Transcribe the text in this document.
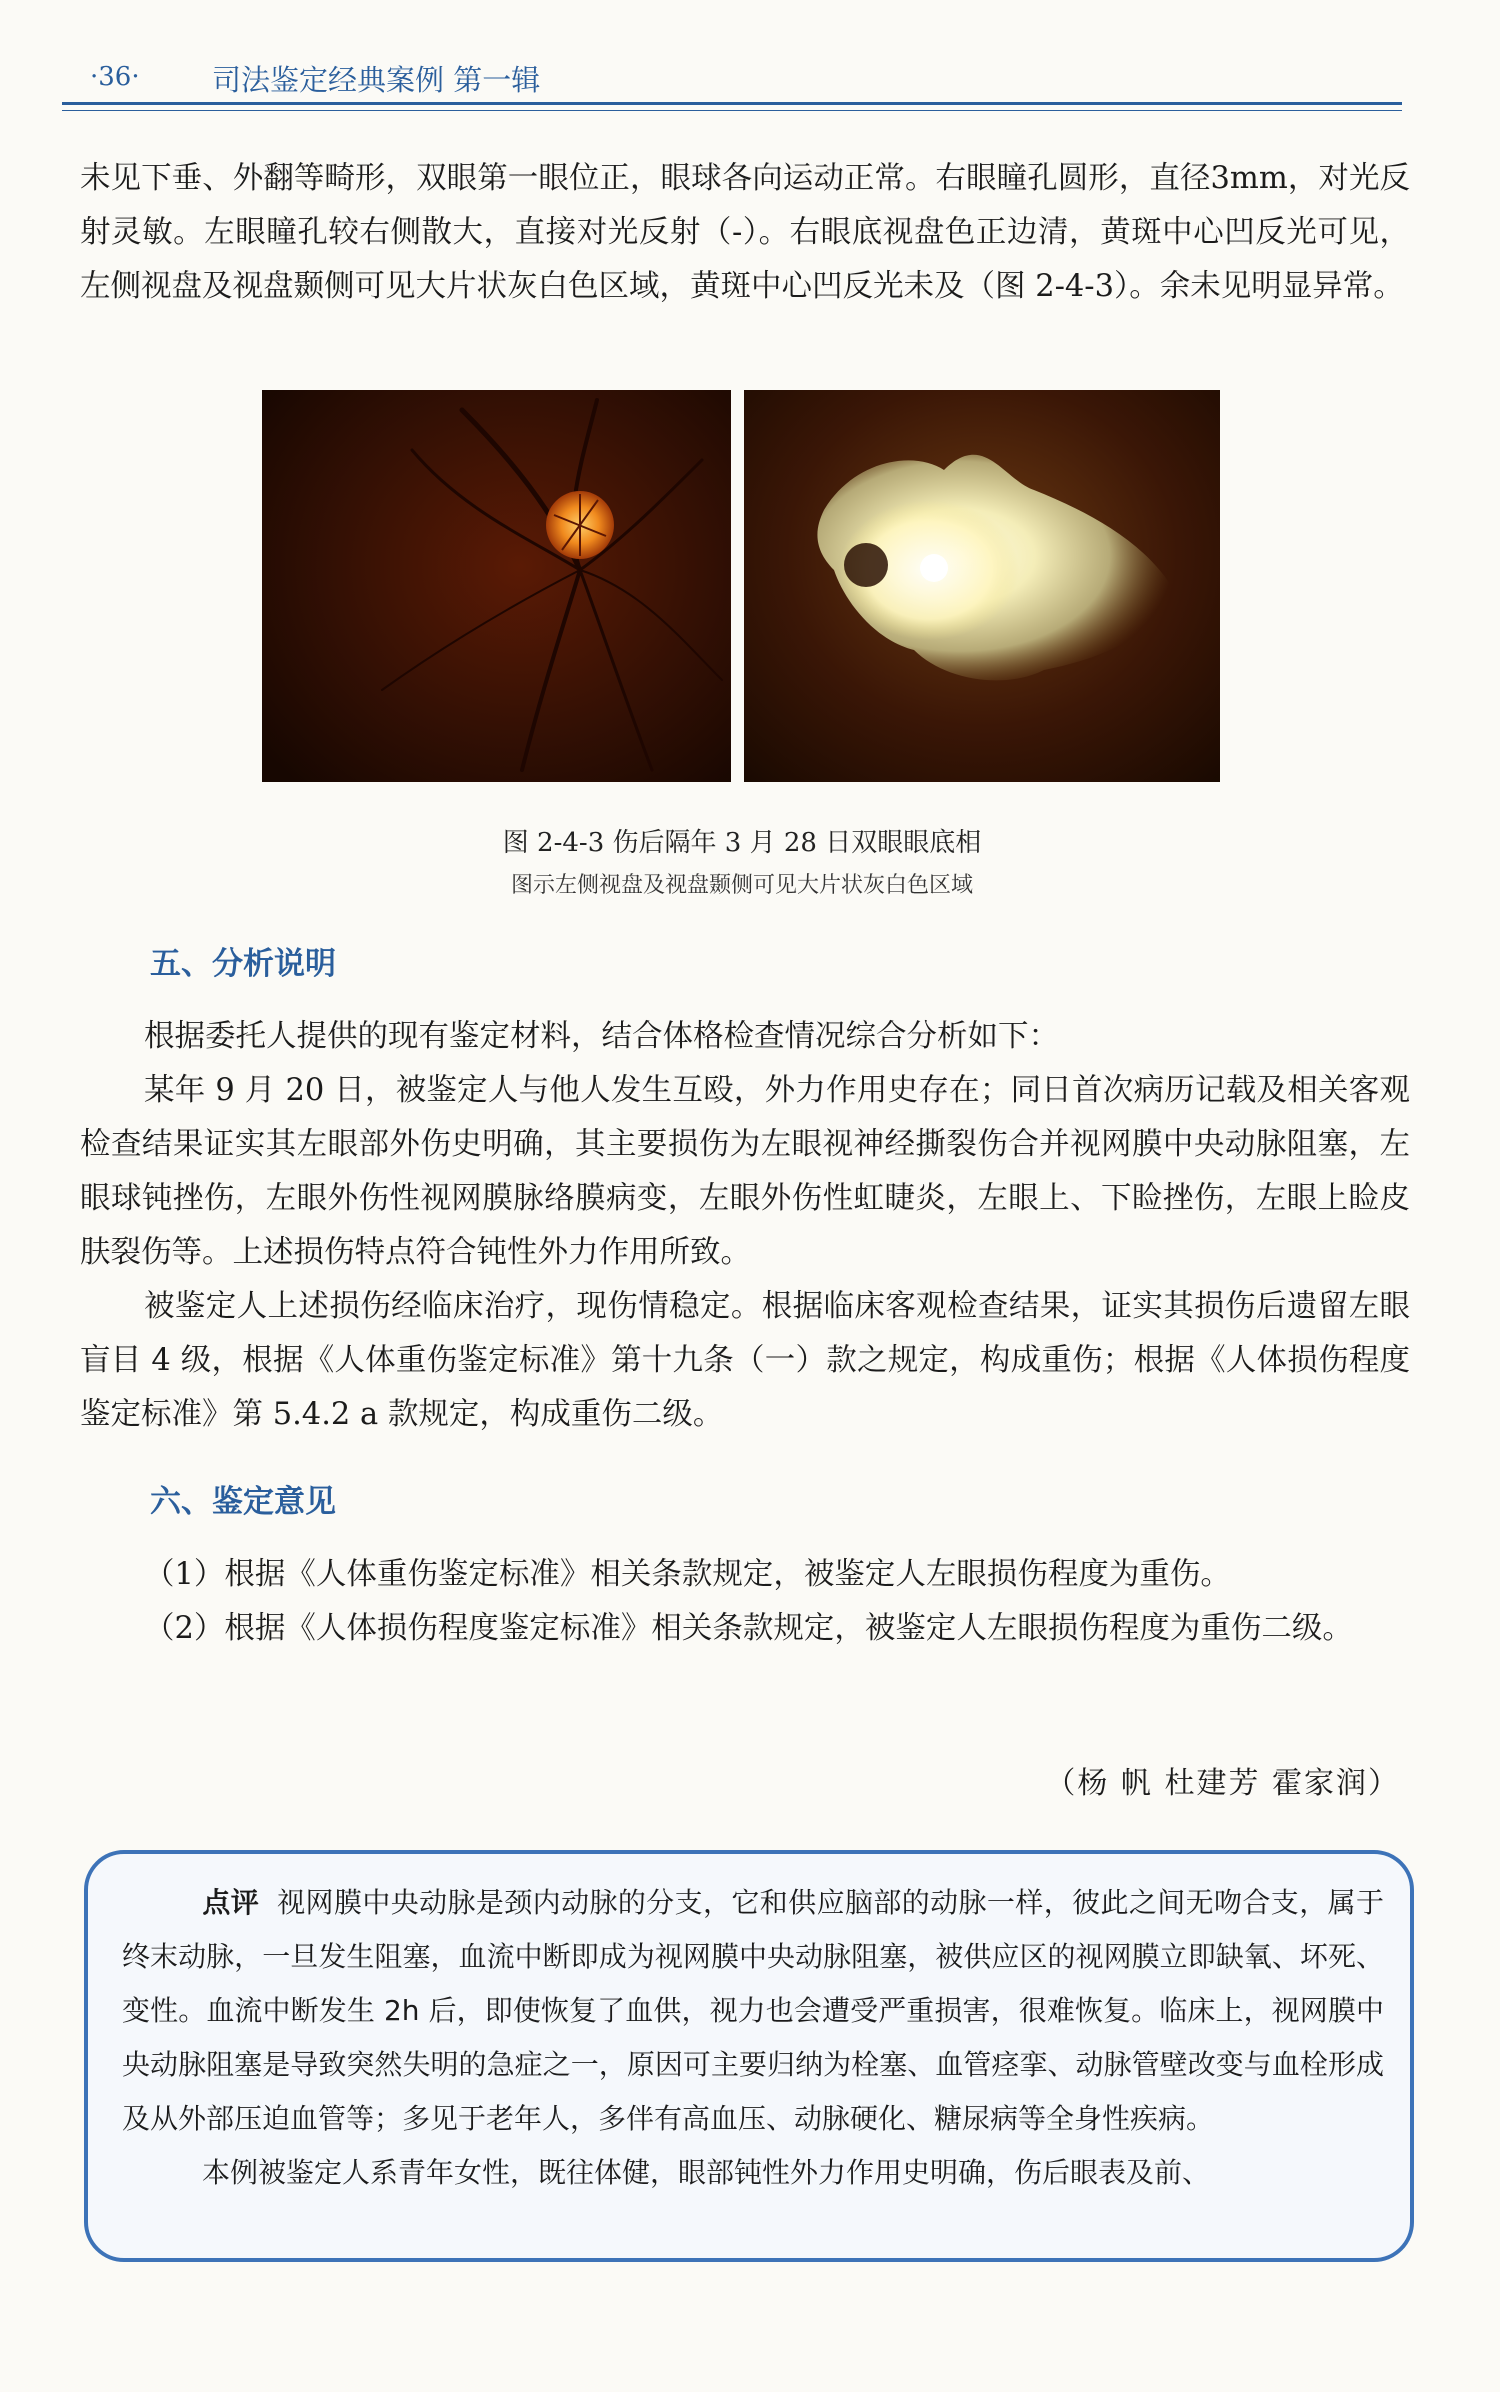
·36· 司法鉴定经典案例 第一辑

未见下垂、外翻等畸形，双眼第一眼位正，眼球各向运动正常。右眼瞳孔圆形，直径3mm，对光反射灵敏。左眼瞳孔较右侧散大，直接对光反射（-）。右眼底视盘色正边清，黄斑中心凹反光可见，左侧视盘及视盘颞侧可见大片状灰白色区域，黄斑中心凹反光未及（图 2-4-3）。余未见明显异常。

图 2-4-3 伤后隔年 3 月 28 日双眼眼底相
图示左侧视盘及视盘颞侧可见大片状灰白色区域
五、分析说明

根据委托人提供的现有鉴定材料，结合体格检查情况综合分析如下：

某年 9 月 20 日，被鉴定人与他人发生互殴，外力作用史存在；同日首次病历记载及相关客观检查结果证实其左眼部外伤史明确，其主要损伤为左眼视神经撕裂伤合并视网膜中央动脉阻塞，左眼球钝挫伤，左眼外伤性视网膜脉络膜病变，左眼外伤性虹睫炎，左眼上、下睑挫伤，左眼上睑皮肤裂伤等。上述损伤特点符合钝性外力作用所致。

被鉴定人上述损伤经临床治疗，现伤情稳定。根据临床客观检查结果，证实其损伤后遗留左眼盲目 4 级，根据《人体重伤鉴定标准》第十九条（一）款之规定，构成重伤；根据《人体损伤程度鉴定标准》第 5.4.2 a 款规定，构成重伤二级。

六、鉴定意见

（1）根据《人体重伤鉴定标准》相关条款规定，被鉴定人左眼损伤程度为重伤。

（2）根据《人体损伤程度鉴定标准》相关条款规定，被鉴定人左眼损伤程度为重伤二级。

（杨 帆 杜建芳 霍家润）

点评 视网膜中央动脉是颈内动脉的分支，它和供应脑部的动脉一样，彼此之间无吻合支，属于终末动脉，一旦发生阻塞，血流中断即成为视网膜中央动脉阻塞，被供应区的视网膜立即缺氧、坏死、变性。血流中断发生 2h 后，即使恢复了血供，视力也会遭受严重损害，很难恢复。临床上，视网膜中央动脉阻塞是导致突然失明的急症之一，原因可主要归纳为栓塞、血管痉挛、动脉管壁改变与血栓形成及从外部压迫血管等；多见于老年人，多伴有高血压、动脉硬化、糖尿病等全身性疾病。
本例被鉴定人系青年女性，既往体健，眼部钝性外力作用史明确，伤后眼表及前、
